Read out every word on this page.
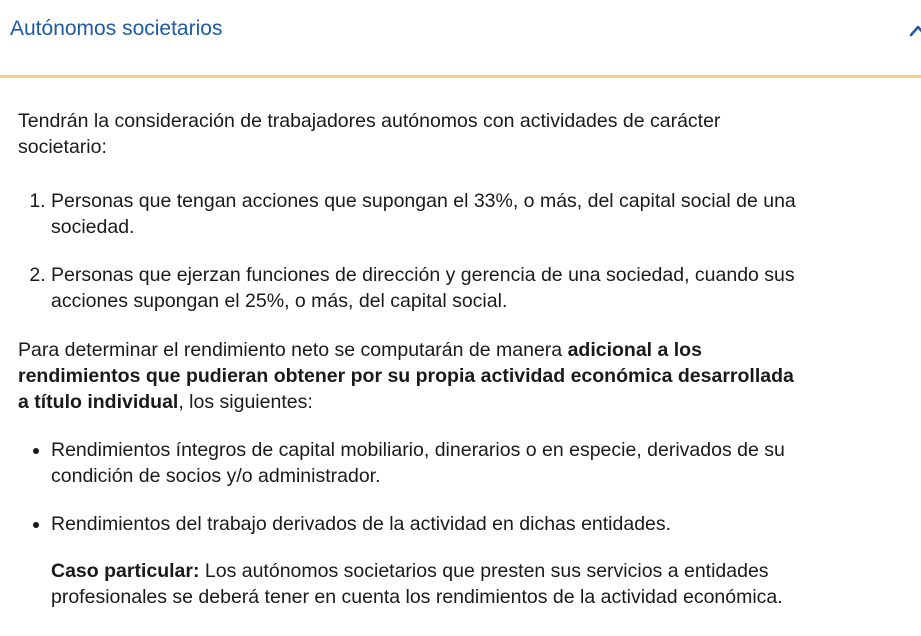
Autónomos societarios

Tendrán la consideración de trabajadores autónomos con actividades de carácter
societario:

1. Personas que tengan acciones que supongan el 33%, o más, del capital social de una
sociedad.
2. Personas que ejerzan funciones de dirección y gerencia de una sociedad, cuando sus
acciones supongan el 25%, o más, del capital social.

Para determinar el rendimiento neto se computarán de manera adicional a los
rendimientos que pudieran obtener por su propia actividad económica desarrollada
a título individual, los siguientes:

• Rendimientos íntegros de capital mobiliario, dinerarios o en especie, derivados de su
condición de socios y/o administrador.
• Rendimientos del trabajo derivados de la actividad en dichas entidades.

Caso particular: Los autónomos societarios que presten sus servicios a entidades
profesionales se deberá tener en cuenta los rendimientos de la actividad económica.
